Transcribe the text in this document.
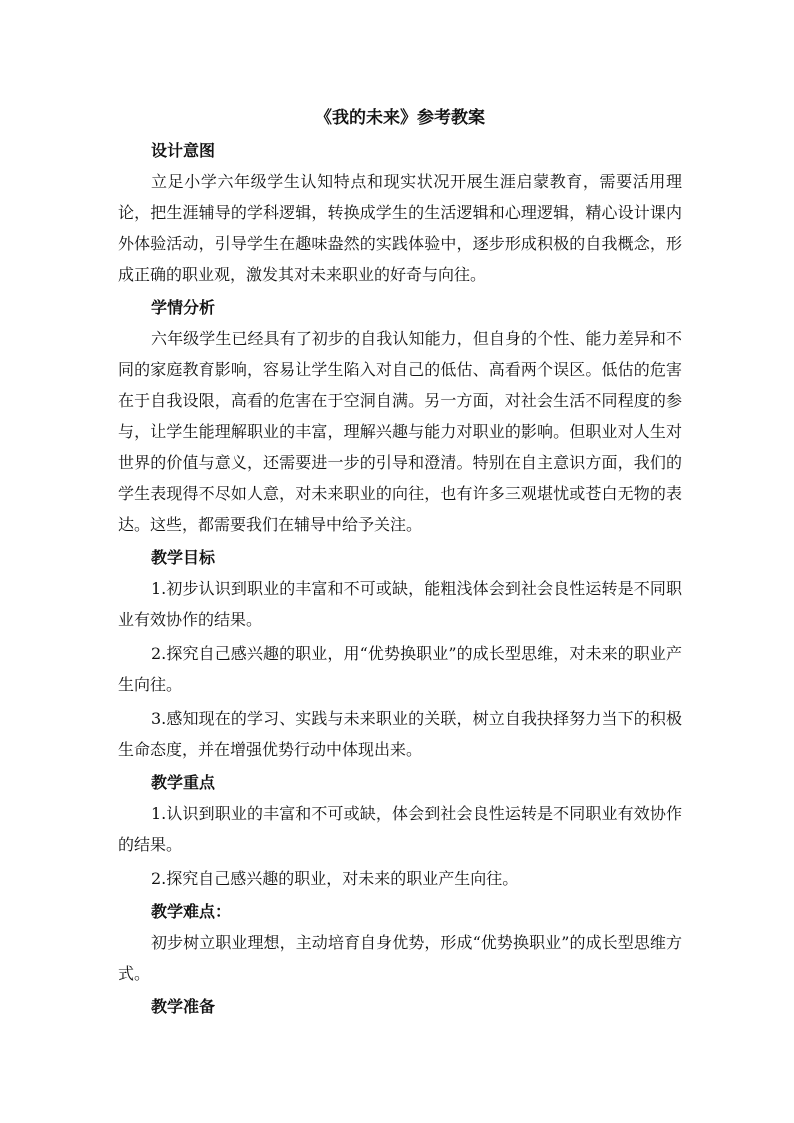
《我的未来》参考教案
设计意图

立足小学六年级学生认知特点和现实状况开展生涯启蒙教育，需要活用理论，把生涯辅导的学科逻辑，转换成学生的生活逻辑和心理逻辑，精心设计课内外体验活动，引导学生在趣味盎然的实践体验中，逐步形成积极的自我概念，形成正确的职业观，激发其对未来职业的好奇与向往。

学情分析

六年级学生已经具有了初步的自我认知能力，但自身的个性、能力差异和不同的家庭教育影响，容易让学生陷入对自己的低估、高看两个误区。低估的危害在于自我设限，高看的危害在于空洞自满。另一方面，对社会生活不同程度的参与，让学生能理解职业的丰富，理解兴趣与能力对职业的影响。但职业对人生对世界的价值与意义，还需要进一步的引导和澄清。特别在自主意识方面，我们的学生表现得不尽如人意，对未来职业的向往，也有许多三观堪忧或苍白无物的表达。这些，都需要我们在辅导中给予关注。

教学目标

1.初步认识到职业的丰富和不可或缺，能粗浅体会到社会良性运转是不同职业有效协作的结果。

2.探究自己感兴趣的职业，用“优势换职业”的成长型思维，对未来的职业产生向往。

3.感知现在的学习、实践与未来职业的关联，树立自我抉择努力当下的积极生命态度，并在增强优势行动中体现出来。

教学重点

1.认识到职业的丰富和不可或缺，体会到社会良性运转是不同职业有效协作的结果。

2.探究自己感兴趣的职业，对未来的职业产生向往。

教学难点：

初步树立职业理想，主动培育自身优势，形成“优势换职业”的成长型思维方式。

教学准备
